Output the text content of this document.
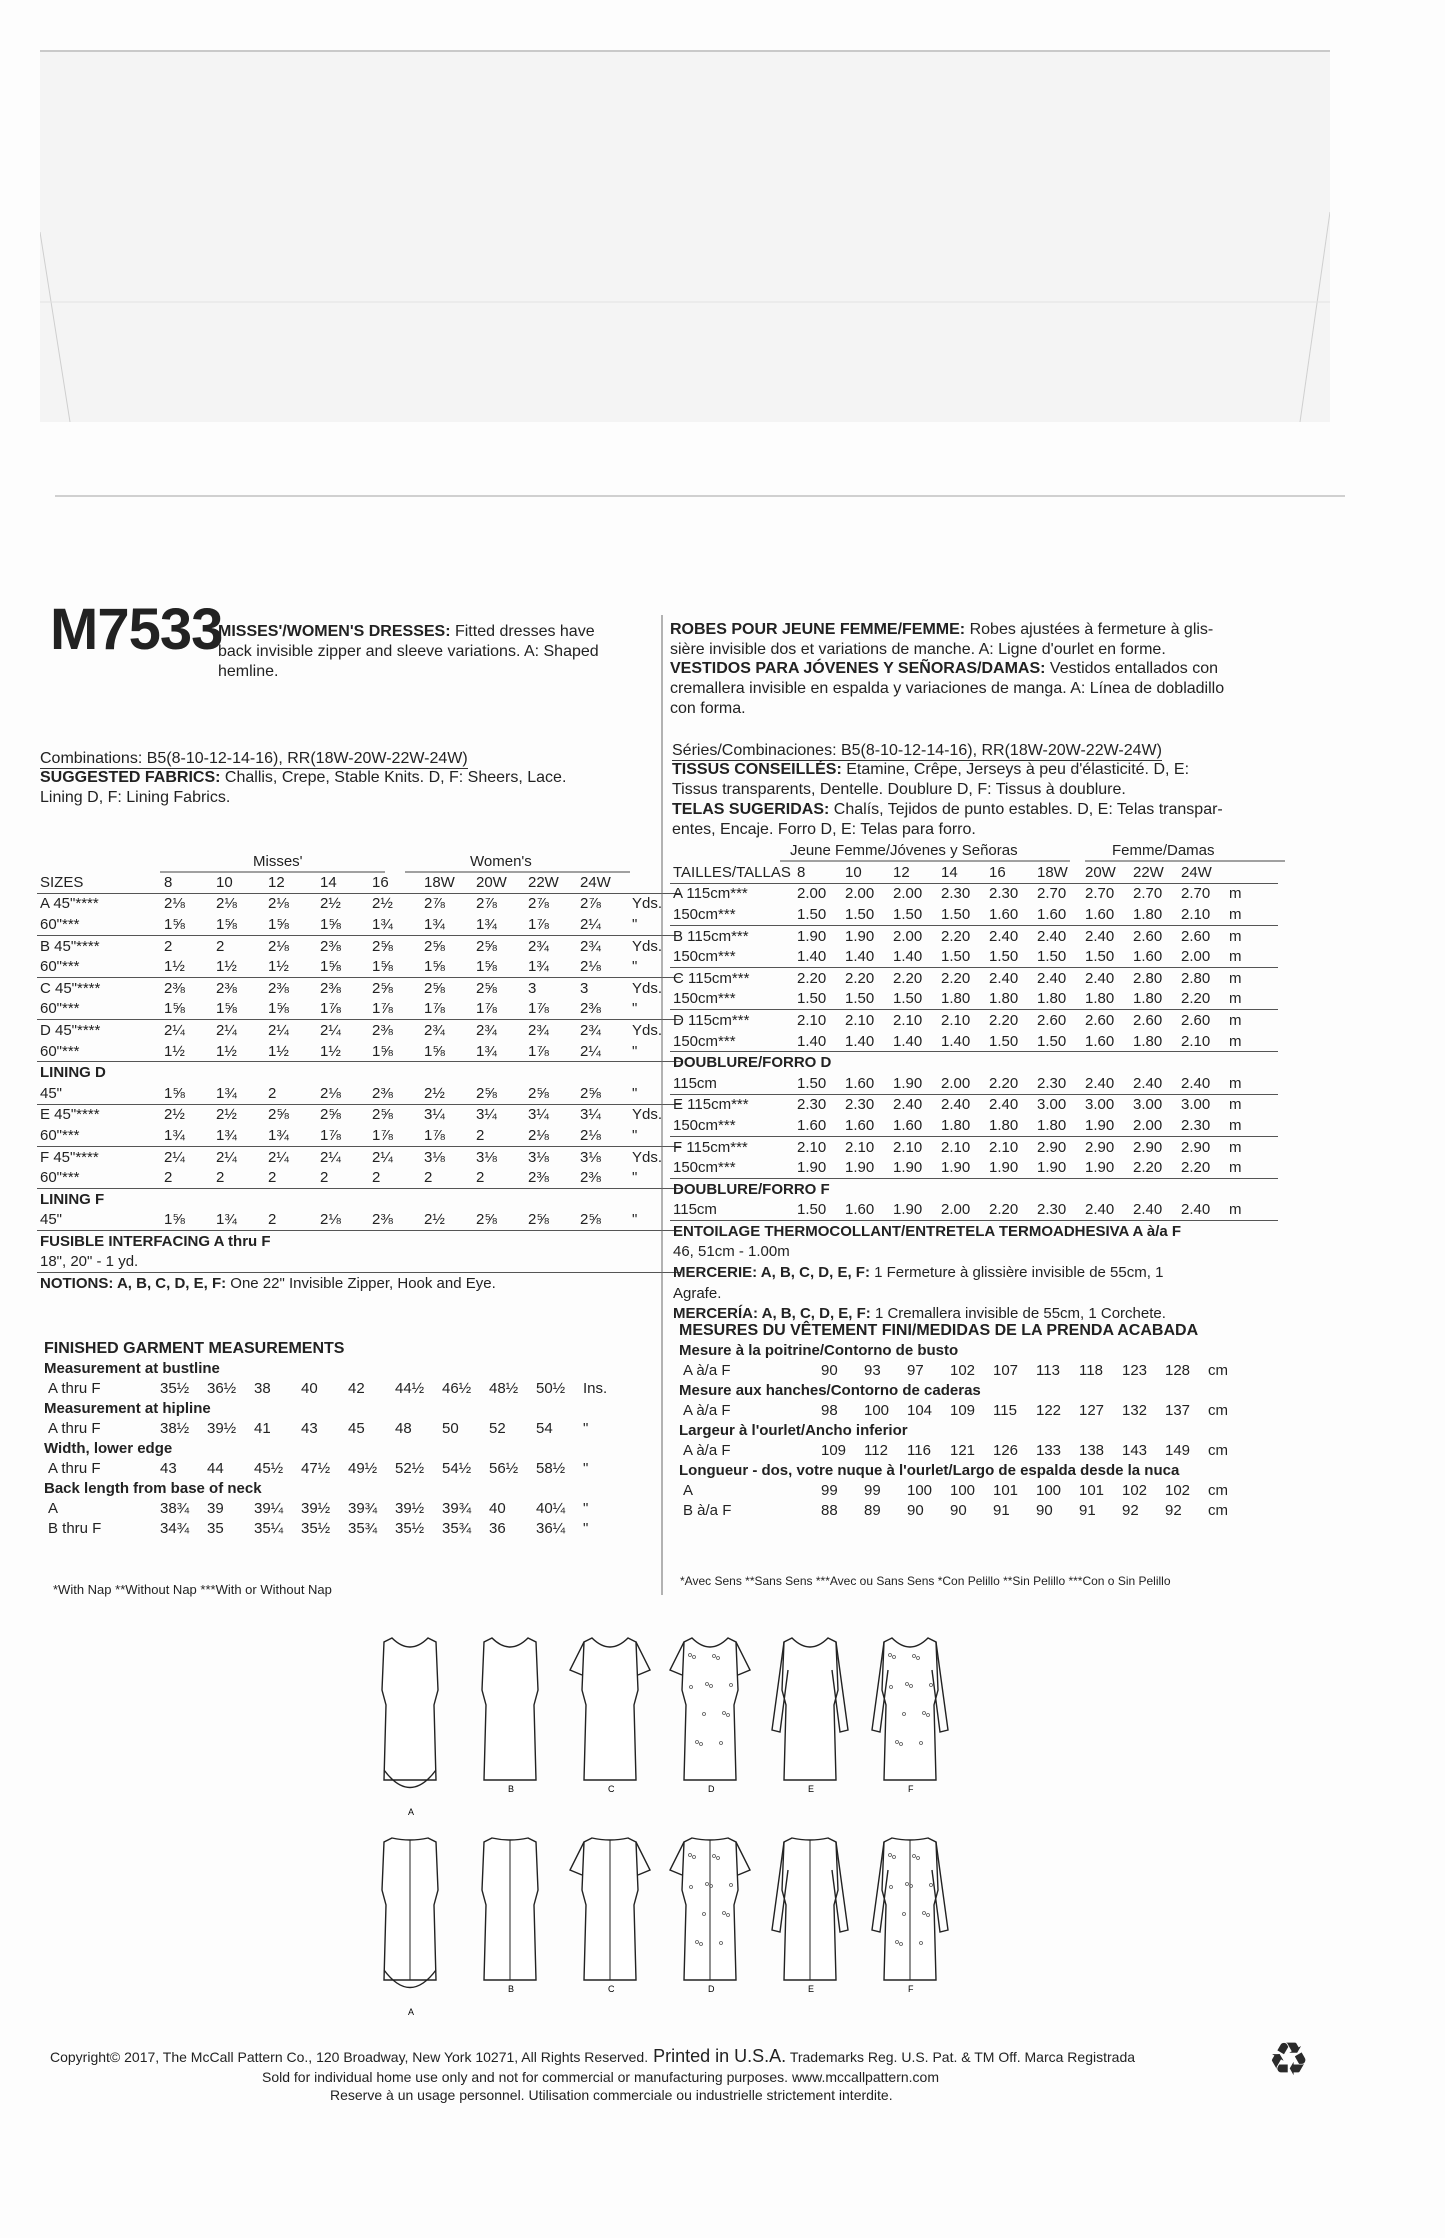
M7533
MISSES'/WOMEN'S DRESSES: Fitted dresses have
back invisible zipper and sleeve variations. A: Shaped
hemline.
Combinations: B5(8-10-12-14-16), RR(18W-20W-22W-24W)
SUGGESTED FABRICS: Challis, Crepe, Stable Knits. D, F: Sheers, Lace.
Lining D, F: Lining Fabrics.
Misses'	Women's
SIZES	8	10	12	14	16	18W	20W	22W	24W	
A 45"****	2⅛	2⅛	2⅛	2½	2½	2⅞	2⅞	2⅞	2⅞	Yds.
60"***	1⅝	1⅝	1⅝	1⅝	1¾	1¾	1¾	1⅞	2¼	"
B 45"****	2	2	2⅛	2⅜	2⅝	2⅝	2⅝	2¾	2¾	Yds.
60"***	1½	1½	1½	1⅝	1⅝	1⅝	1⅝	1¾	2⅛	"
C 45"****	2⅜	2⅜	2⅜	2⅜	2⅝	2⅝	2⅝	3	3	Yds.
60"***	1⅝	1⅝	1⅝	1⅞	1⅞	1⅞	1⅞	1⅞	2⅜	"
D 45"****	2¼	2¼	2¼	2¼	2⅜	2¾	2¾	2¾	2¾	Yds.
60"***	1½	1½	1½	1½	1⅝	1⅝	1¾	1⅞	2¼	"
LINING D										
45"	1⅝	1¾	2	2⅛	2⅜	2½	2⅝	2⅝	2⅝	"
E 45"****	2½	2½	2⅝	2⅝	2⅝	3¼	3¼	3¼	3¼	Yds.
60"***	1¾	1¾	1¾	1⅞	1⅞	1⅞	2	2⅛	2⅛	"
F 45"****	2¼	2¼	2¼	2¼	2¼	3⅛	3⅛	3⅛	3⅛	Yds.
60"***	2	2	2	2	2	2	2	2⅜	2⅜	"
LINING F										
45"	1⅝	1¾	2	2⅛	2⅜	2½	2⅝	2⅝	2⅝	"
FUSIBLE INTERFACING A thru F										
18", 20" - 1 yd.										
NOTIONS: A, B, C, D, E, F: One 22" Invisible Zipper, Hook and Eye.										
FINISHED GARMENT MEASUREMENTS
Measurement at bustline										
A thru F	35½	36½	38	40	42	44½	46½	48½	50½	Ins.
Measurement at hipline										
A thru F	38½	39½	41	43	45	48	50	52	54	"
Width, lower edge										
A thru F	43	44	45½	47½	49½	52½	54½	56½	58½	"
Back length from base of neck										
A	38¾	39	39¼	39½	39¾	39½	39¾	40	40¼	"
B thru F	34¾	35	35¼	35½	35¾	35½	35¾	36	36¼	"
*With Nap **Without Nap ***With or Without Nap
ROBES POUR JEUNE FEMME/FEMME: Robes ajustées à fermeture à glis-
sière invisible dos et variations de manche. A: Ligne d'ourlet en forme.
VESTIDOS PARA JÓVENES Y SEÑORAS/DAMAS: Vestidos entallados con
cremallera invisible en espalda y variaciones de manga. A: Línea de dobladillo
con forma.
Séries/Combinaciones: B5(8-10-12-14-16), RR(18W-20W-22W-24W)
TISSUS CONSEILLÉS: Etamine, Crêpe, Jerseys à peu d'élasticité. D, E:
Tissus transparents, Dentelle. Doublure D, F: Tissus à doublure.
TELAS SUGERIDAS: Chalís, Tejidos de punto estables. D, E: Telas transpar-
entes, Encaje. Forro D, E: Telas para forro.
Jeune Femme/Jóvenes y Señoras	Femme/Damas
TAILLES/TALLAS	8	10	12	14	16	18W	20W	22W	24W	
A 115cm***	2.00	2.00	2.00	2.30	2.30	2.70	2.70	2.70	2.70	m
150cm***	1.50	1.50	1.50	1.50	1.60	1.60	1.60	1.80	2.10	m
B 115cm***	1.90	1.90	2.00	2.20	2.40	2.40	2.40	2.60	2.60	m
150cm***	1.40	1.40	1.40	1.50	1.50	1.50	1.50	1.60	2.00	m
C 115cm***	2.20	2.20	2.20	2.20	2.40	2.40	2.40	2.80	2.80	m
150cm***	1.50	1.50	1.50	1.80	1.80	1.80	1.80	1.80	2.20	m
D 115cm***	2.10	2.10	2.10	2.10	2.20	2.60	2.60	2.60	2.60	m
150cm***	1.40	1.40	1.40	1.40	1.50	1.50	1.60	1.80	2.10	m
DOUBLURE/FORRO D										
115cm	1.50	1.60	1.90	2.00	2.20	2.30	2.40	2.40	2.40	m
E 115cm***	2.30	2.30	2.40	2.40	2.40	3.00	3.00	3.00	3.00	m
150cm***	1.60	1.60	1.60	1.80	1.80	1.80	1.90	2.00	2.30	m
F 115cm***	2.10	2.10	2.10	2.10	2.10	2.90	2.90	2.90	2.90	m
150cm***	1.90	1.90	1.90	1.90	1.90	1.90	1.90	2.20	2.20	m
DOUBLURE/FORRO F										
115cm	1.50	1.60	1.90	2.00	2.20	2.30	2.40	2.40	2.40	m
ENTOILAGE THERMOCOLLANT/ENTRETELA TERMOADHESIVA A à/a F										
46, 51cm - 1.00m										
MERCERIE: A, B, C, D, E, F: 1 Fermeture à glissière invisible de 55cm, 1										
Agrafe.										
MERCERÍA: A, B, C, D, E, F: 1 Cremallera invisible de 55cm, 1 Corchete.										
MESURES DU VÊTEMENT FINI/MEDIDAS DE LA PRENDA ACABADA
Mesure à la poitrine/Contorno de busto										
A à/a F	90	93	97	102	107	113	118	123	128	cm
Mesure aux hanches/Contorno de caderas										
A à/a F	98	100	104	109	115	122	127	132	137	cm
Largeur à l'ourlet/Ancho inferior										
A à/a F	109	112	116	121	126	133	138	143	149	cm
Longueur - dos, votre nuque à l'ourlet/Largo de espalda desde la nuca										
A	99	99	100	100	101	100	101	102	102	cm
B à/a F	88	89	90	90	91	90	91	92	92	cm
*Avec Sens **Sans Sens ***Avec ou Sans Sens *Con Pelillo **Sin Pelillo ***Con o Sin Pelillo
A
A
B
B
C
C
D
D
E
E
F
F
Copyright© 2017, The McCall Pattern Co., 120 Broadway, New York 10271, All Rights Reserved. Printed in U.S.A. Trademarks Reg. U.S. Pat. & TM Off. Marca Registrada
Sold for individual home use only and not for commercial or manufacturing purposes. www.mccallpattern.com
Reserve à un usage personnel. Utilisation commerciale ou industrielle strictement interdite.
♻
